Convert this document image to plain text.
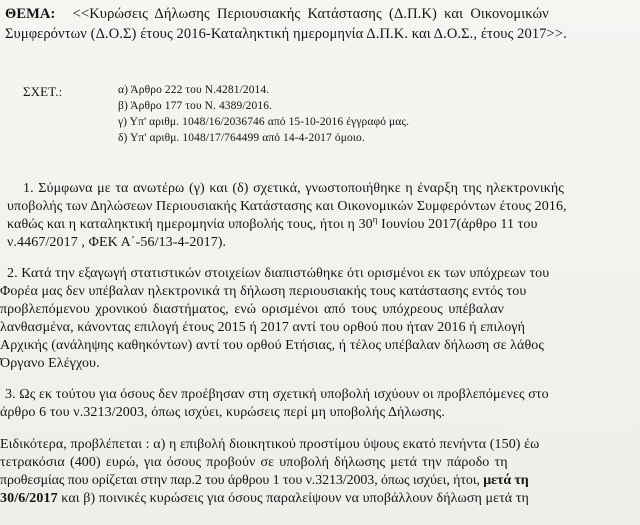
ΘΕΜΑ: <<Κυρώσεις Δήλωσης Περιουσιακής Κατάστασης (Δ.Π.Κ) και Οικονομικών
Συμφερόντων (Δ.Ο.Σ) έτους 2016-Καταληκτική ημερομηνία Δ.Π.Κ. και Δ.Ο.Σ., έτους 2017>>.
ΣΧΕΤ.:	α) Άρθρο 222 του Ν.4281/2014.
β) Άρθρο 177 του Ν. 4389/2016.
γ) Υπ' αριθμ. 1048/16/2036746 από 15-10-2016 έγγραφό μας.
δ) Υπ' αριθμ. 1048/17/764499 από 14-4-2017 όμοιο.
1. Σύμφωνα με τα ανωτέρω (γ) και (δ) σχετικά, γνωστοποιήθηκε η έναρξη της ηλεκτρονικής
υποβολής των Δηλώσεων Περιουσιακής Κατάστασης και Οικονομικών Συμφερόντων έτους 2016,
καθώς και η καταληκτική ημερομηνία υποβολής τους, ήτοι η $30^\eta$ Ιουνίου 2017(άρθρο 11 του
ν.4467/2017 , ΦΕΚ Α΄-56/13-4-2017).
2. Κατά την εξαγωγή στατιστικών στοιχείων διαπιστώθηκε ότι ορισμένοι εκ των υπόχρεων του
Φορέα μας δεν υπέβαλαν ηλεκτρονικά τη δήλωση περιουσιακής τους κατάστασης εντός του
προβλεπόμενου χρονικού διαστήματος, ενώ ορισμένοι από τους υπόχρεους υπέβαλαν
λανθασμένα, κάνοντας επιλογή έτους 2015 ή 2017 αντί του ορθού που ήταν 2016 ή επιλογή
Αρχικής (ανάληψης καθηκόντων) αντί του ορθού Ετήσιας, ή τέλος υπέβαλαν δήλωση σε λάθος
Όργανο Ελέγχου.
3. Ως εκ τούτου για όσους δεν προέβησαν στη σχετική υποβολή ισχύουν οι προβλεπόμενες στο
άρθρο 6 του ν.3213/2003, όπως ισχύει, κυρώσεις περί μη υποβολής Δήλωσης.
Ειδικότερα, προβλέπεται : α) η επιβολή διοικητικού προστίμου ύψους εκατό πενήντα (150) έω
τετρακόσια (400) ευρώ, για όσους προβούν σε υποβολή δήλωσης μετά την πάροδο τη
προθεσμίας που ορίζεται στην παρ.2 του άρθρου 1 του ν.3213/2003, όπως ισχύει, ήτοι, μετά τη
30/6/2017 και β) ποινικές κυρώσεις για όσους παραλείψουν να υποβάλλουν δήλωση μετά τη
